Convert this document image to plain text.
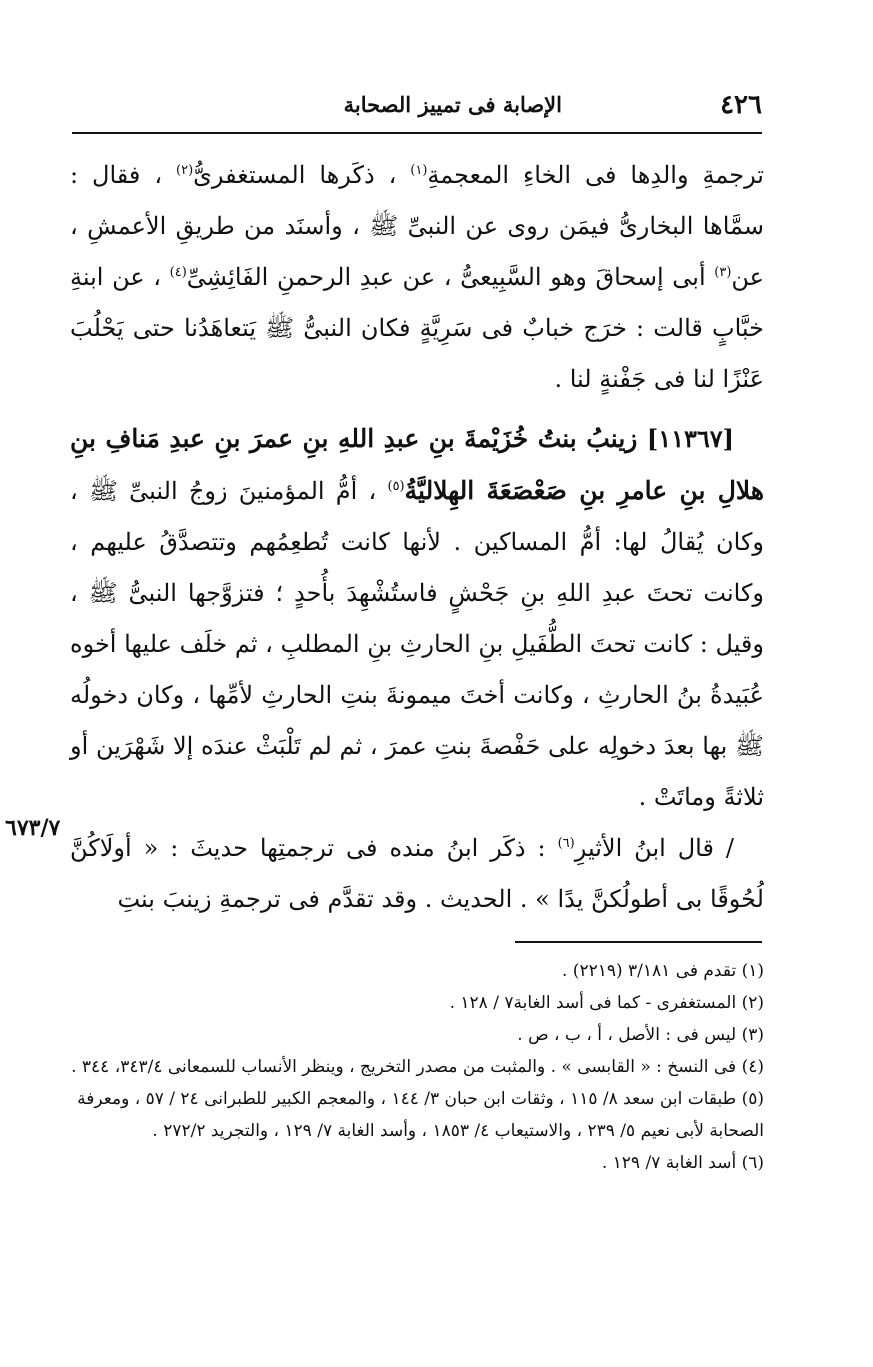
٤٢٦
الإصابة فى تمييز الصحابة

ترجمةِ والدِها فى الخاءِ المعجمةِ$^{(١)}$ ، ذكَرها المستغفرىُّ$^{(٢)}$ ، فقال : سمَّاها البخارىُّ فيمَن روى عن النبىِّ ﷺ ، وأسنَد من طريقِ الأعمشِ ، عن$^{(٣)}$ أبى إسحاقَ وهو السَّبِيعىُّ ، عن عبدِ الرحمنِ الفَائِشِىِّ$^{(٤)}$ ، عن ابنةِ خبَّابٍ قالت : خرَج خبابٌ فى سَرِيَّةٍ فكان النبىُّ ﷺ يَتعاهَدُنا حتى يَحْلُبَ عَنْزًا لنا فى جَفْنةٍ لنا .

[١١٣٦٧] زينبُ بنتُ خُزَيْمةَ بنِ عبدِ اللهِ بنِ عمرَ بنِ عبدِ مَنافِ بنِ هلالِ بنِ عامرِ بنِ صَعْصَعَةَ الهِلاليَّةُ$^{(٥)}$ ، أمُّ المؤمنينَ زوجُ النبىِّ ﷺ ، وكان يُقالُ لها: أمُّ المساكين . لأنها كانت تُطعِمُهم وتتصدَّقُ عليهم ، وكانت تحتَ عبدِ اللهِ بنِ جَحْشٍ فاستُشْهِدَ بأُحدٍ ؛ فتزوَّجها النبىُّ ﷺ ، وقيل : كانت تحتَ الطُّفَيلِ بنِ الحارثِ بنِ المطلبِ ، ثم خلَف عليها أخوه عُبَيدةُ بنُ الحارثِ ، وكانت أختَ ميمونةَ بنتِ الحارثِ لأمِّها ، وكان دخولُه ﷺ بها بعدَ دخولِه على حَفْصةَ بنتِ عمرَ ، ثم لم تَلْبَثْ عندَه إلا شَهْرَين أو ثلاثةً وماتَتْ .

/ قال ابنُ الأثيرِ$^{(٦)}$ : ذكَر ابنُ منده فى ترجمتِها حديثَ : « أولَاكُنَّ لُحُوقًا بى أطولُكنَّ يدًا » . الحديث . وقد تقدَّم فى ترجمةِ زينبَ بنتِ

٦٧٣/٧

(١) تقدم فى ٣/١٨١ (٢٢١٩) .

(٢) المستغفرى - كما فى أسد الغابة٧ / ١٢٨ .

(٣) ليس فى : الأصل ، أ ، ب ، ص .

(٤) فى النسخ : « القابسى » . والمثبت من مصدر التخريج ، وينظر الأنساب للسمعانى ٣٤٣/٤، ٣٤٤ .

(٥) طبقات ابن سعد ٨/ ١١٥ ، وثقات ابن حبان ٣/ ١٤٤ ، والمعجم الكبير للطبرانى ٢٤ / ٥٧ ، ومعرفة الصحابة لأبى نعيم ٥/ ٢٣٩ ، والاستيعاب ٤/ ١٨٥٣ ، وأسد الغابة ٧/ ١٢٩ ، والتجريد ٢٧٢/٢ .

(٦) أسد الغابة ٧/ ١٢٩ .
